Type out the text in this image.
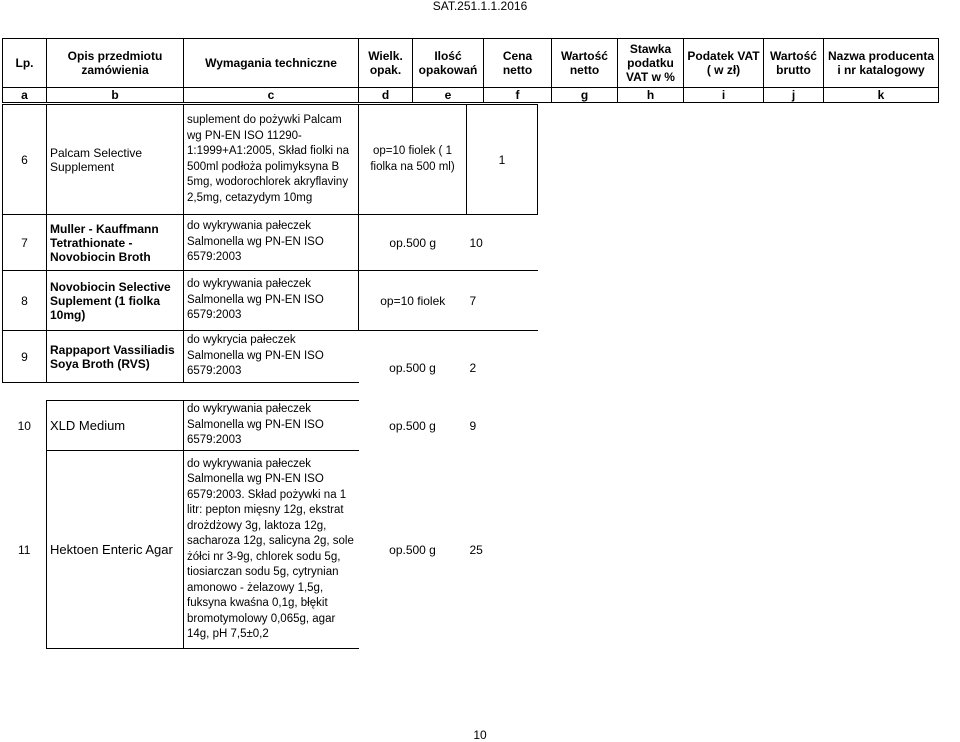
SAT.251.1.1.2016
Lp.	Opis przedmiotu zamówienia	Wymagania techniczne	Wielk. opak.	Ilość opakowań	Cena netto	Wartość netto	Stawka podatku VAT w %	Podatek VAT ( w zł)	Wartość brutto	Nazwa producenta i nr katalogowy
a	b	c	d	e	f	g	h	i	j	k
6	Palcam Selective Supplement	suplement do pożywki Palcam wg PN-EN ISO 11290-1:1999+A1:2005, Skład fiolki na 500ml podłoża polimyksyna B 5mg, wodorochlorek akryflaviny 2,5mg, cetazydym 10mg	op=10 fiolek ( 1 fiolka na 500 ml)	1
7	Muller - Kauffmann Tetrathionate - Novobiocin Broth	do wykrywania pałeczek Salmonella wg PN-EN ISO 6579:2003	op.500 g	10
8	Novobiocin Selective Suplement (1 fiolka 10mg)	do wykrywania pałeczek Salmonella wg PN-EN ISO 6579:2003	op=10 fiolek	7
9	Rappaport Vassiliadis Soya Broth (RVS)	do wykrycia pałeczek Salmonella wg PN-EN ISO 6579:2003	op.500 g	2

10	XLD Medium	do wykrywania pałeczek Salmonella wg PN-EN ISO 6579:2003	op.500 g	9
11	Hektoen Enteric Agar	do wykrywania pałeczek Salmonella wg PN-EN ISO 6579:2003. Skład pożywki na 1 litr: pepton mięsny 12g, ekstrat drożdżowy 3g, laktoza 12g, sacharoza 12g, salicyna 2g, sole żółci nr 3-9g, chlorek sodu 5g, tiosiarczan sodu 5g, cytrynian amonowo - żelazowy 1,5g, fuksyna kwaśna 0,1g, błękit bromotymolowy 0,065g, agar 14g, pH 7,5±0,2	op.500 g	25
10
